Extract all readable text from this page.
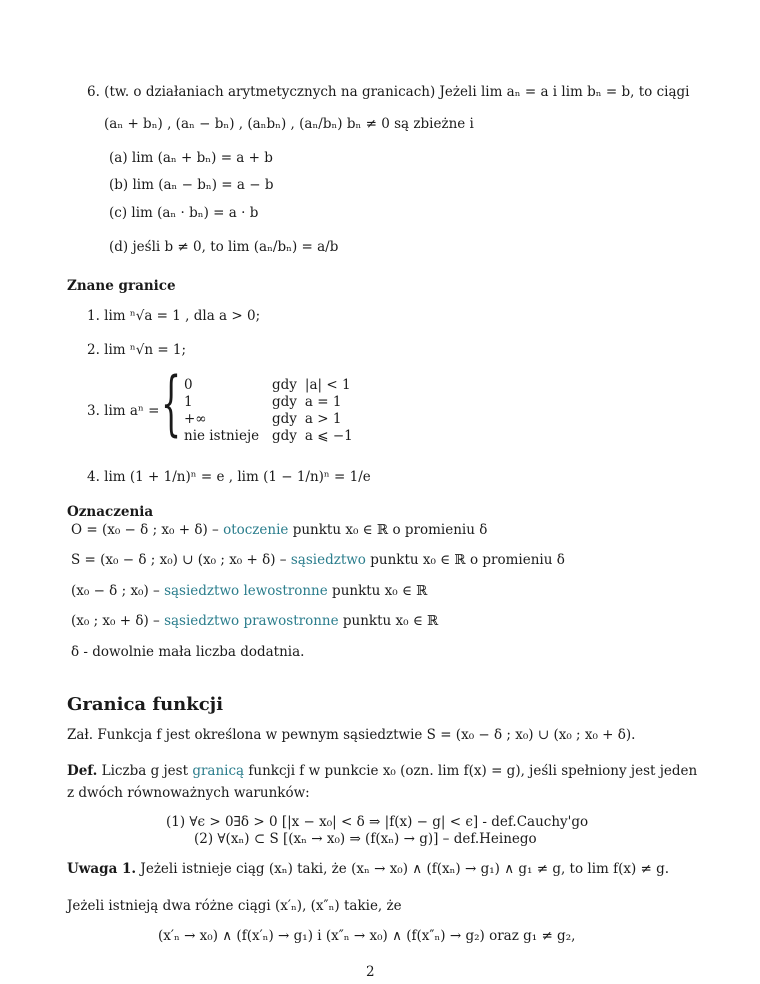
6. (tw. o działaniach arytmetycznych na granicach) Jeżeli lim aₙ = a i lim bₙ = b, to ciągi
(aₙ + bₙ) , (aₙ − bₙ) , (aₙbₙ) , (aₙ/bₙ) bₙ ≠ 0 są zbieżne i
(a) lim (aₙ + bₙ) = a + b
(b) lim (aₙ − bₙ) = a − b
(c) lim (aₙ · bₙ) = a · b
(d) jeśli b ≠ 0, to lim (aₙ/bₙ) = a/b
Znane granice
1. lim ⁿ√a = 1 , dla a > 0;
2. lim ⁿ√n = 1;
3. lim aⁿ = { 0	gdy	|a| < 1
1	gdy	a = 1
+∞	gdy	a > 1
nie istnieje	gdy	a ⩽ −1
4. lim (1 + 1/n)ⁿ = e , lim (1 − 1/n)ⁿ = 1/e
Oznaczenia
O = (x₀ − δ ; x₀ + δ) – otoczenie punktu x₀ ∈ ℝ o promieniu δ
S = (x₀ − δ ; x₀) ∪ (x₀ ; x₀ + δ) – sąsiedztwo punktu x₀ ∈ ℝ o promieniu δ
(x₀ − δ ; x₀) – sąsiedztwo lewostronne punktu x₀ ∈ ℝ
(x₀ ; x₀ + δ) – sąsiedztwo prawostronne punktu x₀ ∈ ℝ
δ - dowolnie mała liczba dodatnia.
Granica funkcji
Zał. Funkcja f jest określona w pewnym sąsiedztwie S = (x₀ − δ ; x₀) ∪ (x₀ ; x₀ + δ).
Def. Liczba g jest granicą funkcji f w punkcie x₀ (ozn. lim f(x) = g), jeśli spełniony jest jeden
z dwóch równoważnych warunków:
(1) ∀ϵ > 0∃δ > 0 [|x − x₀| < δ ⇒ |f(x) − g| < ϵ] - def.Cauchy'go
(2) ∀(xₙ) ⊂ S [(xₙ → x₀) ⇒ (f(xₙ) → g)] – def.Heinego
Uwaga 1. Jeżeli istnieje ciąg (xₙ) taki, że (xₙ → x₀) ∧ (f(xₙ) → g₁) ∧ g₁ ≠ g, to lim f(x) ≠ g.
Jeżeli istnieją dwa różne ciągi (x′ₙ), (x″ₙ) takie, że
(x′ₙ → x₀) ∧ (f(x′ₙ) → g₁) i (x″ₙ → x₀) ∧ (f(x″ₙ) → g₂) oraz g₁ ≠ g₂,
2
